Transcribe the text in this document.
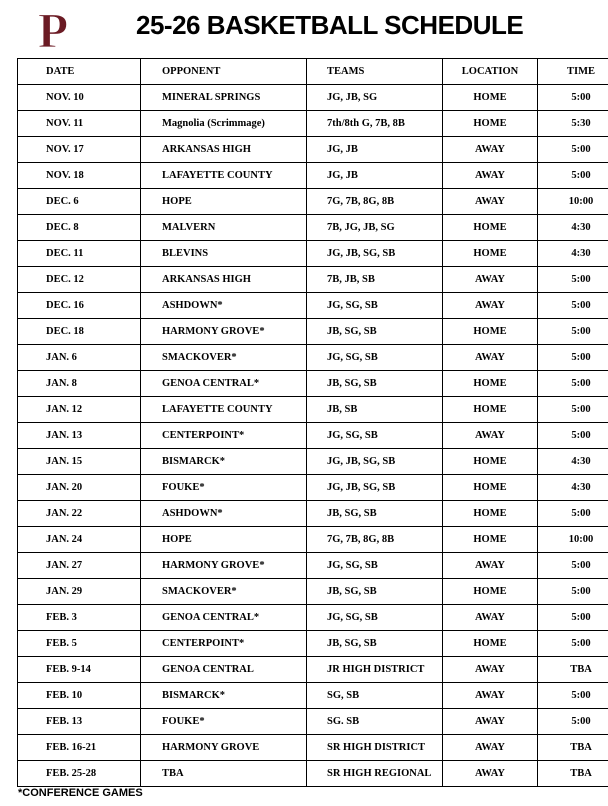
P	25-26 BASKETBALL SCHEDULE
DATE	OPPONENT	TEAMS	LOCATION	TIME
NOV. 10	MINERAL SPRINGS	JG, JB, SG	HOME	5:00
NOV. 11	Magnolia (Scrimmage)	7th/8th G, 7B, 8B	HOME	5:30
NOV. 17	ARKANSAS HIGH	JG, JB	AWAY	5:00
NOV. 18	LAFAYETTE COUNTY	JG, JB	AWAY	5:00
DEC. 6	HOPE	7G, 7B, 8G, 8B	AWAY	10:00
DEC. 8	MALVERN	7B, JG, JB, SG	HOME	4:30
DEC. 11	BLEVINS	JG, JB, SG, SB	HOME	4:30
DEC. 12	ARKANSAS HIGH	7B, JB, SB	AWAY	5:00
DEC. 16	ASHDOWN*	JG, SG, SB	AWAY	5:00
DEC. 18	HARMONY GROVE*	JB, SG, SB	HOME	5:00
JAN. 6	SMACKOVER*	JG, SG, SB	AWAY	5:00
JAN. 8	GENOA CENTRAL*	JB, SG, SB	HOME	5:00
JAN. 12	LAFAYETTE COUNTY	JB, SB	HOME	5:00
JAN. 13	CENTERPOINT*	JG, SG, SB	AWAY	5:00
JAN. 15	BISMARCK*	JG, JB, SG, SB	HOME	4:30
JAN. 20	FOUKE*	JG, JB, SG, SB	HOME	4:30
JAN. 22	ASHDOWN*	JB, SG, SB	HOME	5:00
JAN. 24	HOPE	7G, 7B, 8G, 8B	HOME	10:00
JAN. 27	HARMONY GROVE*	JG, SG, SB	AWAY	5:00
JAN. 29	SMACKOVER*	JB, SG, SB	HOME	5:00
FEB. 3	GENOA CENTRAL*	JG, SG, SB	AWAY	5:00
FEB. 5	CENTERPOINT*	JB, SG, SB	HOME	5:00
FEB. 9-14	GENOA CENTRAL	JR HIGH DISTRICT	AWAY	TBA
FEB. 10	BISMARCK*	SG, SB	AWAY	5:00
FEB. 13	FOUKE*	SG. SB	AWAY	5:00
FEB. 16-21	HARMONY GROVE	SR HIGH DISTRICT	AWAY	TBA
FEB. 25-28	TBA	SR HIGH REGIONAL	AWAY	TBA
*CONFERENCE GAMES
